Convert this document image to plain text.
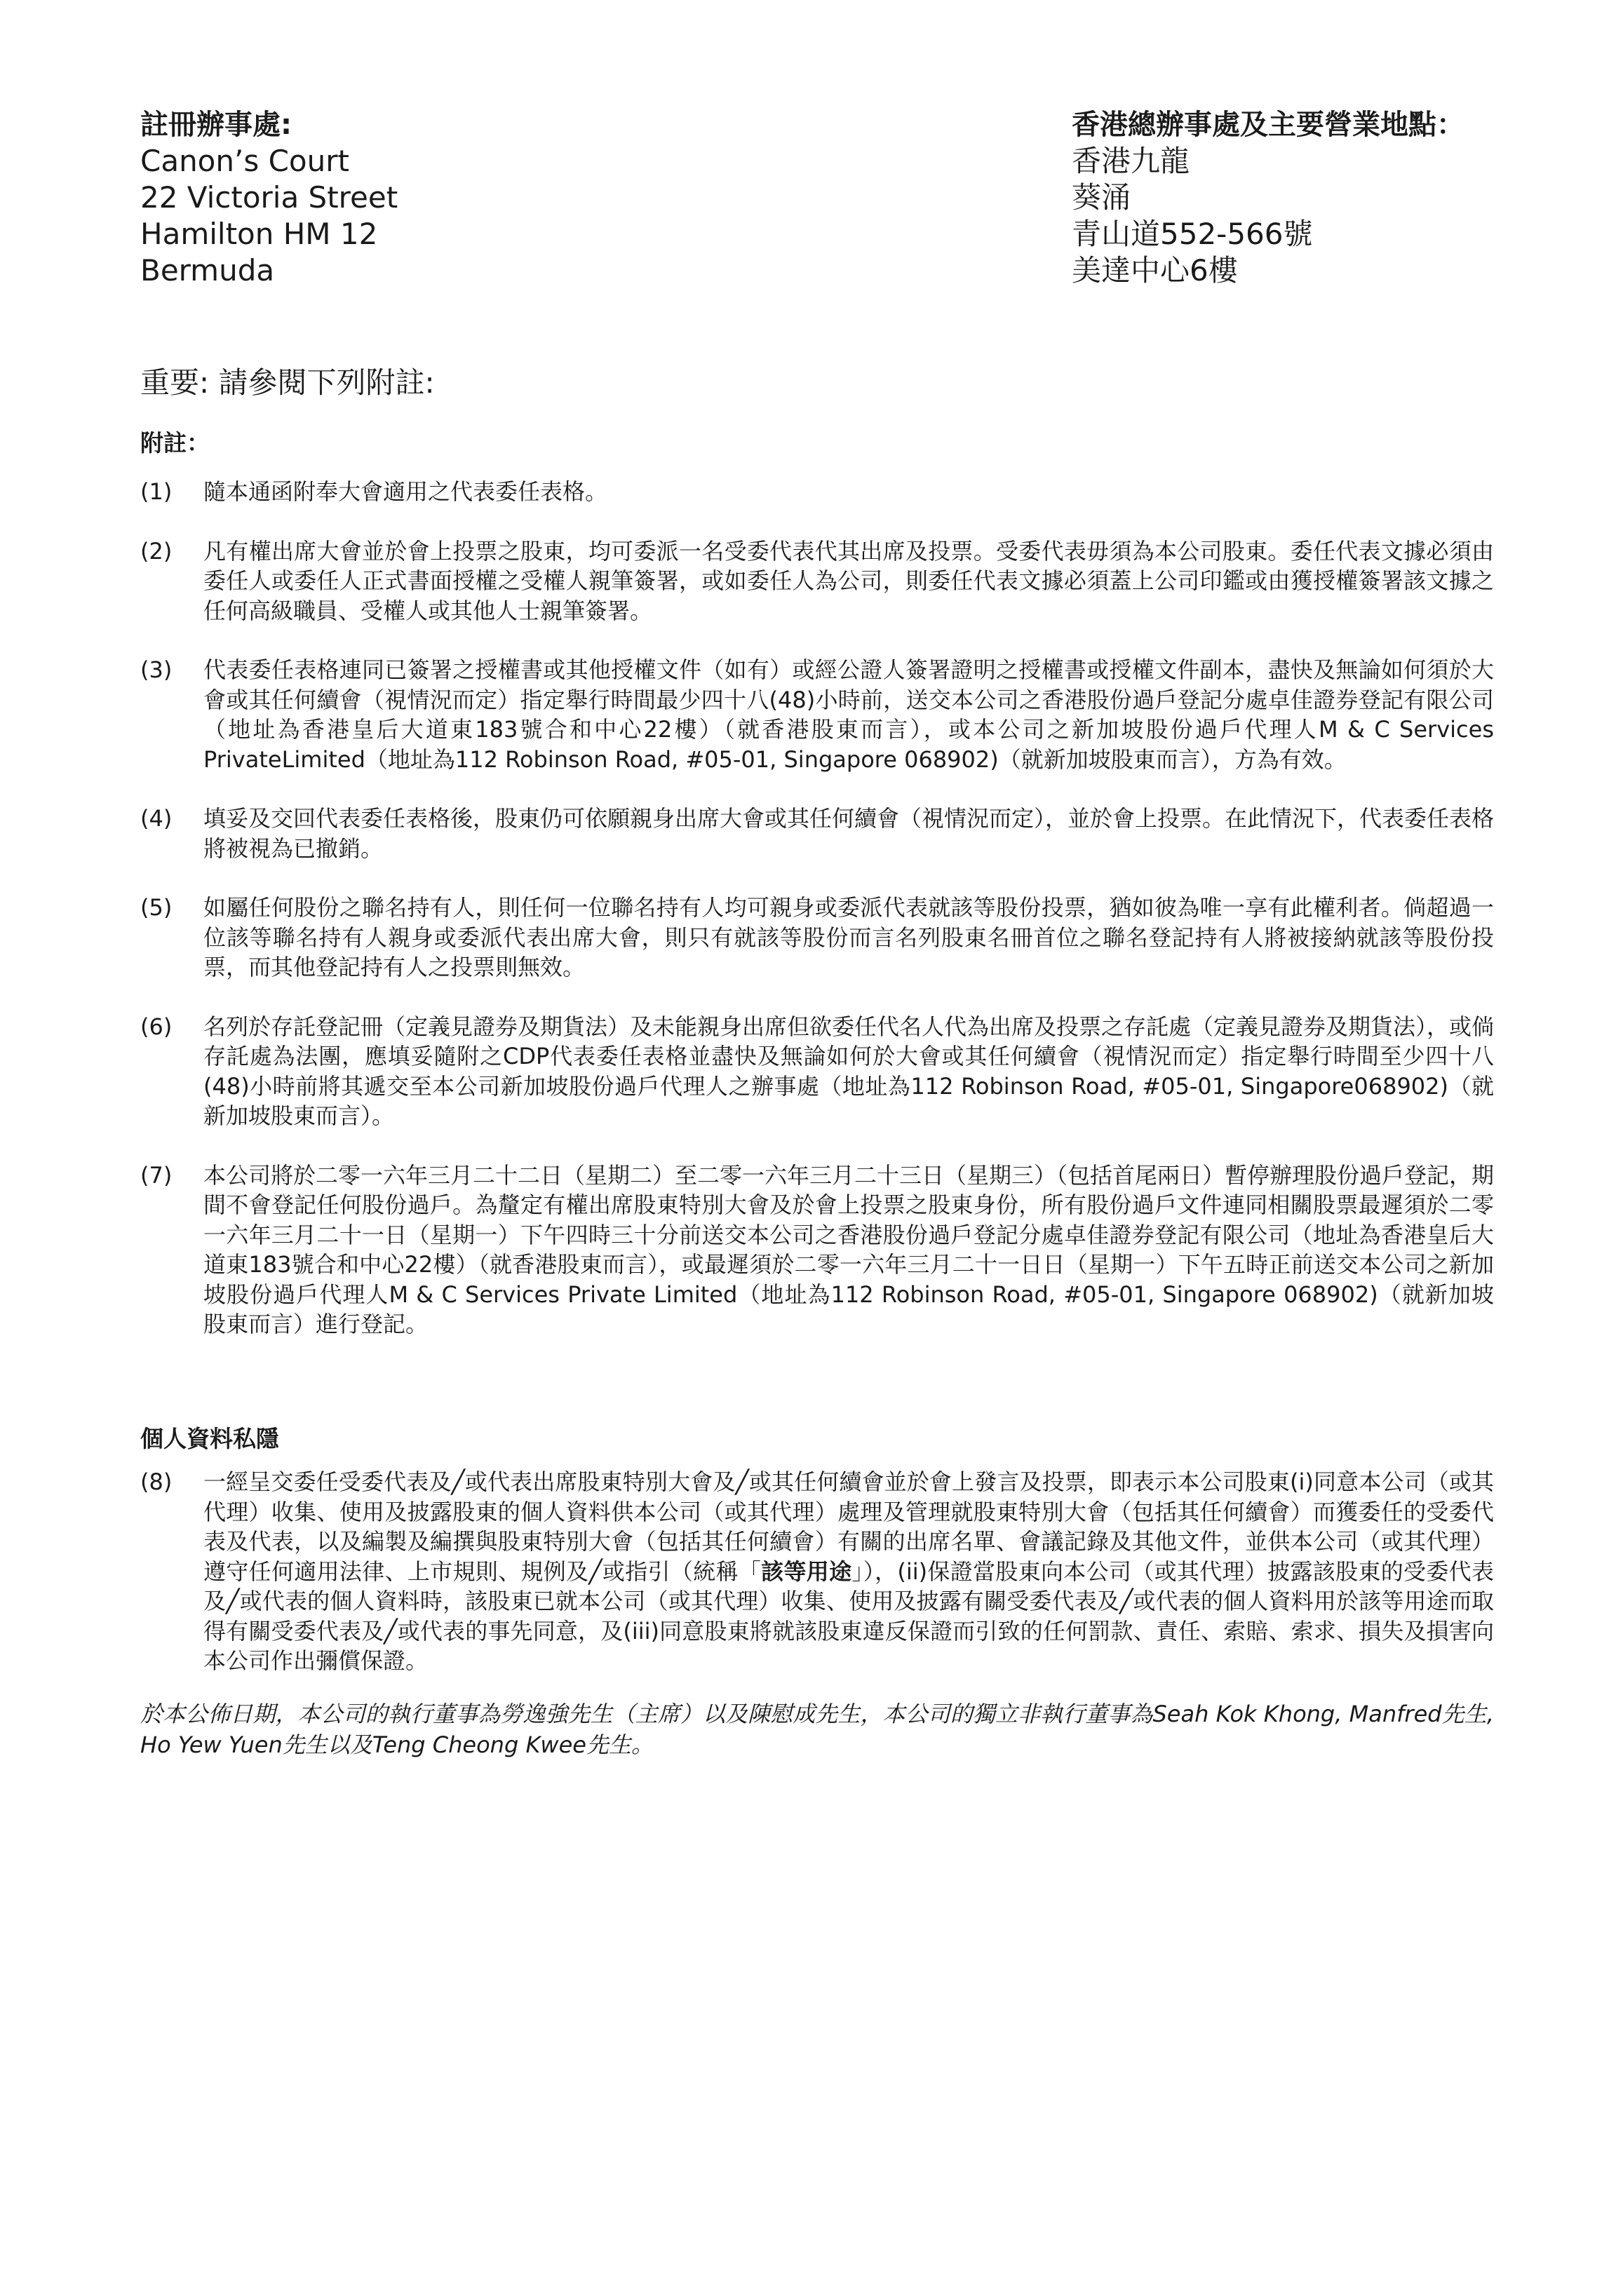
註冊辦事處:
Canon’s Court
22 Victoria Street
Hamilton HM 12
Bermuda
香港總辦事處及主要營業地點：
香港九龍
葵涌
青山道552-566號
美達中心6樓
重要: 請參閱下列附註:
附註：
(1)	隨本通函附奉大會適用之代表委任表格。
(2)	凡有權出席大會並於會上投票之股東，均可委派一名受委代表代其出席及投票。受委代表毋須為本公司股東。委任代表文據必須由委任人或委任人正式書面授權之受權人親筆簽署，或如委任人為公司，則委任代表文據必須蓋上公司印鑑或由獲授權簽署該文據之任何高級職員、受權人或其他人士親筆簽署。
(3)	代表委任表格連同已簽署之授權書或其他授權文件（如有）或經公證人簽署證明之授權書或授權文件副本，盡快及無論如何須於大會或其任何續會（視情況而定）指定舉行時間最少四十八(48)小時前，送交本公司之香港股份過戶登記分處卓佳證券登記有限公司（地址為香港皇后大道東183號合和中心22樓）（就香港股東而言），或本公司之新加坡股份過戶代理人M & C Services PrivateLimited（地址為112 Robinson Road, #05-01, Singapore 068902)（就新加坡股東而言），方為有效。
(4)	填妥及交回代表委任表格後，股東仍可依願親身出席大會或其任何續會（視情況而定），並於會上投票。在此情況下，代表委任表格將被視為已撤銷。
(5)	如屬任何股份之聯名持有人，則任何一位聯名持有人均可親身或委派代表就該等股份投票，猶如彼為唯一享有此權利者。倘超過一位該等聯名持有人親身或委派代表出席大會，則只有就該等股份而言名列股東名冊首位之聯名登記持有人將被接納就該等股份投票，而其他登記持有人之投票則無效。
(6)	名列於存託登記冊（定義見證券及期貨法）及未能親身出席但欲委任代名人代為出席及投票之存託處（定義見證券及期貨法），或倘存託處為法團，應填妥隨附之CDP代表委任表格並盡快及無論如何於大會或其任何續會（視情況而定）指定舉行時間至少四十八(48)小時前將其遞交至本公司新加坡股份過戶代理人之辦事處（地址為112 Robinson Road, #05-01, Singapore068902)（就新加坡股東而言）。
(7)	本公司將於二零一六年三月二十二日（星期二）至二零一六年三月二十三日（星期三）（包括首尾兩日）暫停辦理股份過戶登記，期間不會登記任何股份過戶。為釐定有權出席股東特別大會及於會上投票之股東身份，所有股份過戶文件連同相關股票最遲須於二零一六年三月二十一日（星期一）下午四時三十分前送交本公司之香港股份過戶登記分處卓佳證券登記有限公司（地址為香港皇后大道東183號合和中心22樓）（就香港股東而言），或最遲須於二零一六年三月二十一日日（星期一）下午五時正前送交本公司之新加坡股份過戶代理人M & C Services Private Limited（地址為112 Robinson Road, #05-01, Singapore 068902)（就新加坡股東而言）進行登記。
個人資料私隱
(8)	一經呈交委任受委代表及╱或代表出席股東特別大會及╱或其任何續會並於會上發言及投票，即表示本公司股東(i)同意本公司（或其代理）收集、使用及披露股東的個人資料供本公司（或其代理）處理及管理就股東特別大會（包括其任何續會）而獲委任的受委代表及代表，以及編製及編撰與股東特別大會（包括其任何續會）有關的出席名單、會議記錄及其他文件，並供本公司（或其代理）遵守任何適用法律、上市規則、規例及╱或指引（統稱「該等用途」），(ii)保證當股東向本公司（或其代理）披露該股東的受委代表及╱或代表的個人資料時，該股東已就本公司（或其代理）收集、使用及披露有關受委代表及╱或代表的個人資料用於該等用途而取得有關受委代表及╱或代表的事先同意，及(iii)同意股東將就該股東違反保證而引致的任何罰款、責任、索賠、索求、損失及損害向本公司作出彌償保證。
於本公佈日期，本公司的執行董事為勞逸強先生（主席）以及陳慰成先生，本公司的獨立非執行董事為Seah Kok Khong, Manfred先生, Ho Yew Yuen先生以及Teng Cheong Kwee先生。
